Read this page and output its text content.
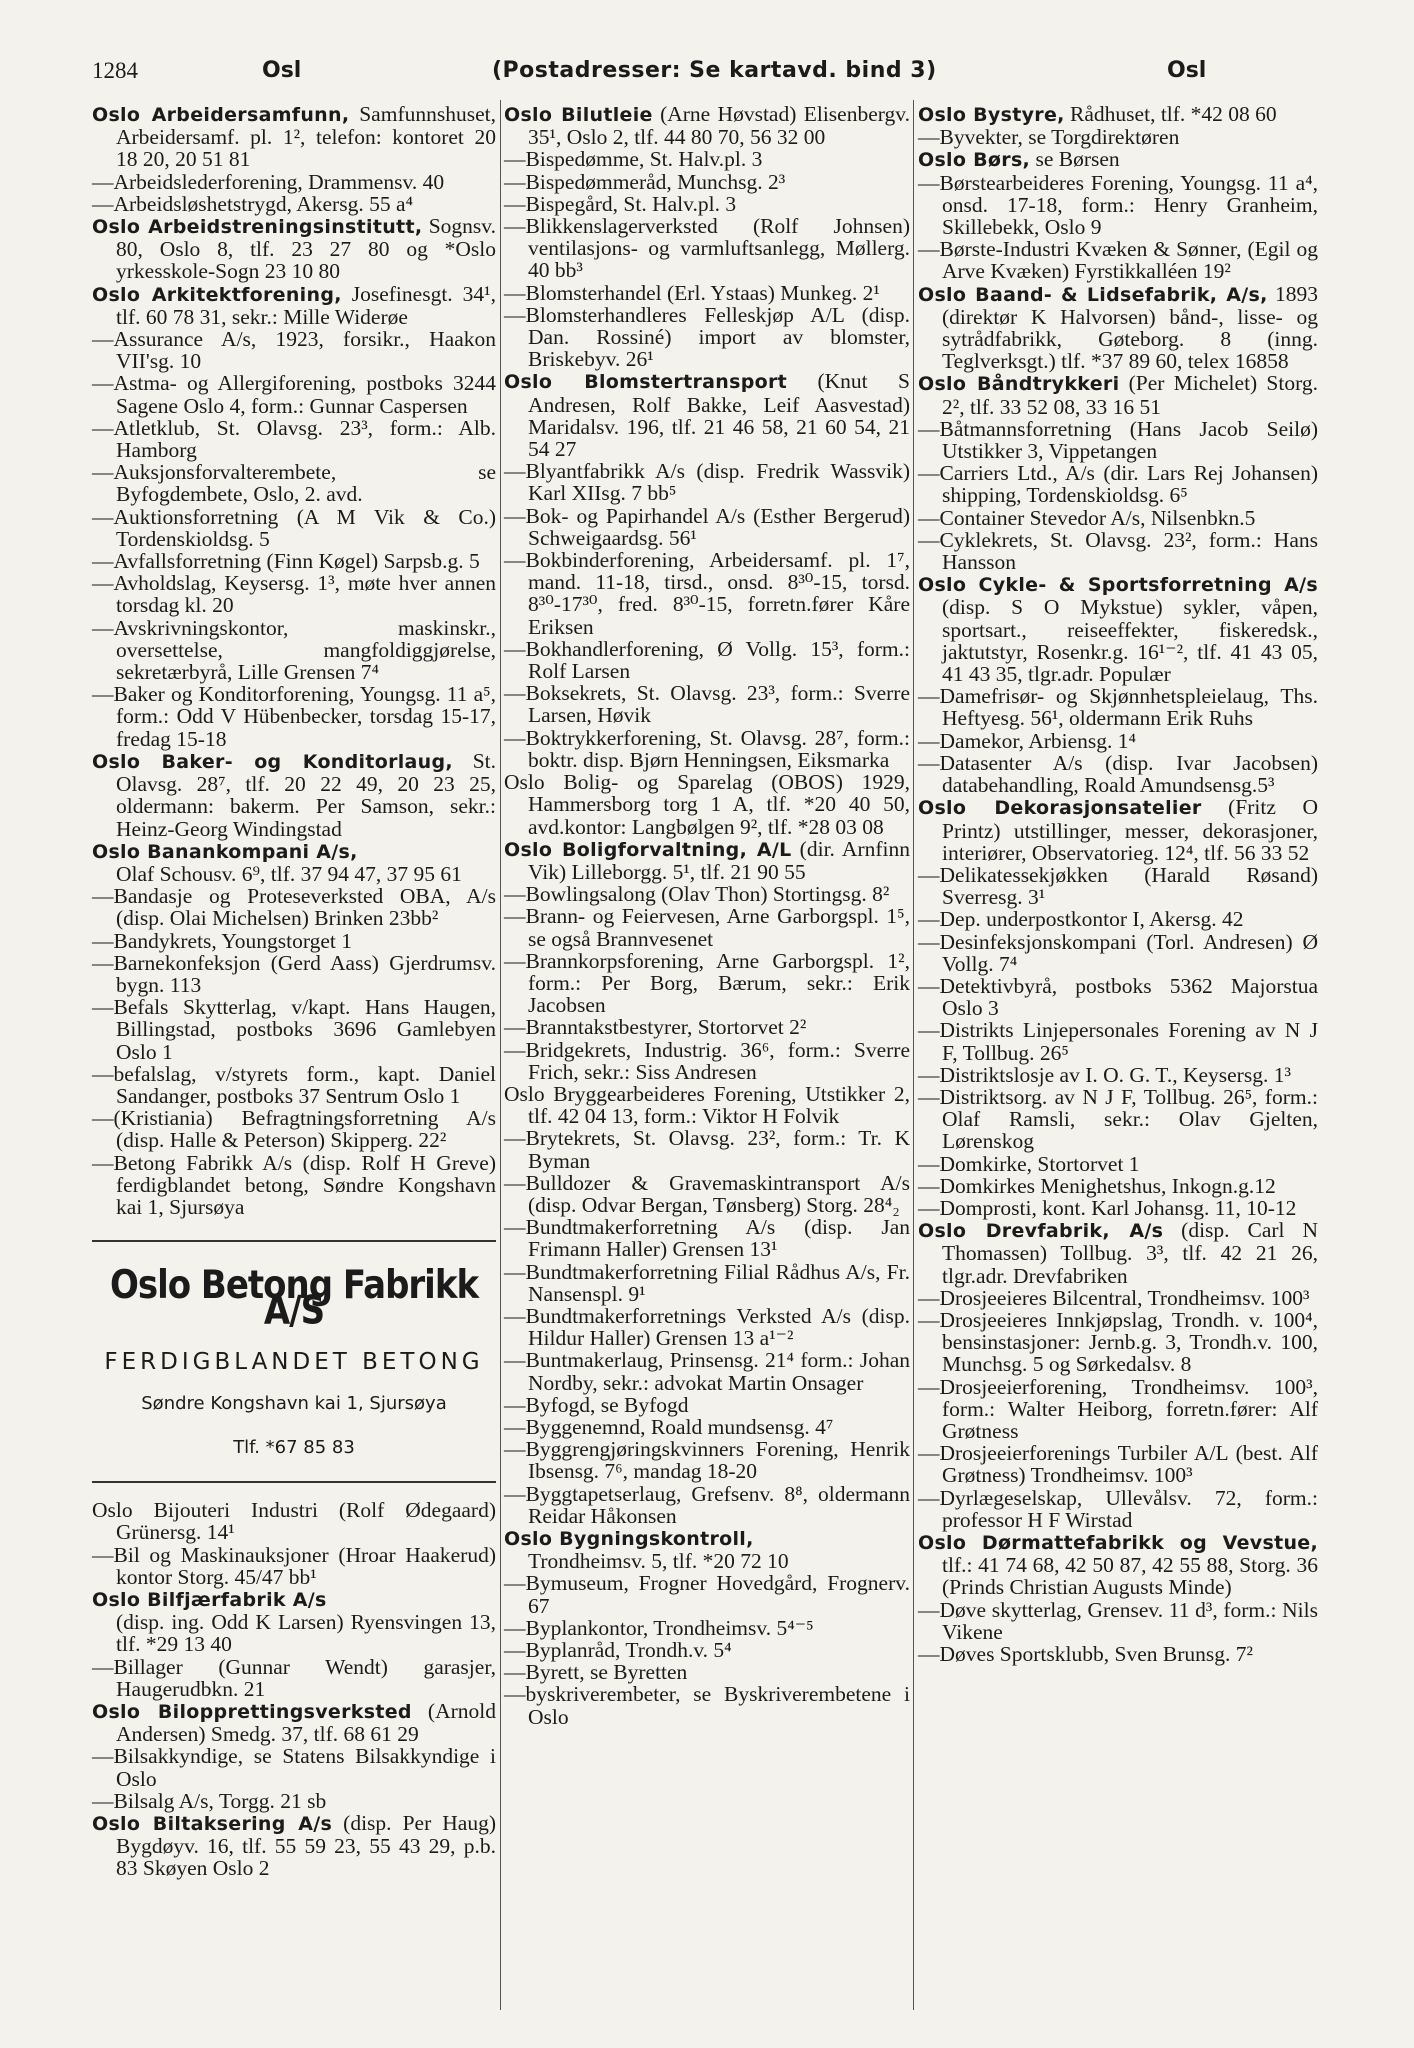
1284	Osl	(Postadresser: Se kartavd. bind 3)	Osl

Oslo Arbeidersamfunn, Samfunnshuset, Arbeidersamf. pl. 1², telefon: kontoret 20 18 20, 20 51 81

—Arbeidslederforening, Drammensv. 40

—Arbeidsløshetstrygd, Akersg. 55 a⁴

Oslo Arbeidstreningsinstitutt, Sognsv. 80, Oslo 8, tlf. 23 27 80 og *Oslo yrkesskole-Sogn 23 10 80

Oslo Arkitektforening, Josefinesgt. 34¹, tlf. 60 78 31, sekr.: Mille Widerøe

—Assurance A/s, 1923, forsikr., Haakon VII'sg. 10

—Astma- og Allergiforening, postboks 3244 Sagene Oslo 4, form.: Gunnar Caspersen

—Atletklub, St. Olavsg. 23³, form.: Alb. Hamborg

—Auksjonsforvalterembete, se Byfogdembete, Oslo, 2. avd.

—Auktionsforretning (A M Vik & Co.) Tordenskioldsg. 5

—Avfallsforretning (Finn Køgel) Sarpsb.g. 5

—Avholdslag, Keysersg. 1³, møte hver annen torsdag kl. 20

—Avskrivningskontor, maskinskr., oversettelse, mangfoldiggjørelse, sekretærbyrå, Lille Grensen 7⁴

—Baker og Konditorforening, Youngsg. 11 a⁵, form.: Odd V Hübenbecker, torsdag 15-17, fredag 15-18

Oslo Baker- og Konditorlaug, St. Olavsg. 28⁷, tlf. 20 22 49, 20 23 25, oldermann: bakerm. Per Samson, sekr.: Heinz-Georg Windingstad

Oslo Banankompani A/s,
Olaf Schousv. 6⁹, tlf. 37 94 47, 37 95 61

—Bandasje og Proteseverksted OBA, A/s (disp. Olai Michelsen) Brinken 23bb²

—Bandykrets, Youngstorget 1

—Barnekonfeksjon (Gerd Aass) Gjerdrumsv. bygn. 113

—Befals Skytterlag, v/kapt. Hans Haugen, Billingstad, postboks 3696 Gamlebyen Oslo 1

—befalslag, v/styrets form., kapt. Daniel Sandanger, postboks 37 Sentrum Oslo 1

—(Kristiania) Befragtningsforretning A/s (disp. Halle & Peterson) Skipperg. 22²

—Betong Fabrikk A/s (disp. Rolf H Greve) ferdigblandet betong, Søndre Kongshavn kai 1, Sjursøya

Oslo Betong Fabrikk A/S
FERDIGBLANDET BETONG
Søndre Kongshavn kai 1, Sjursøya
Tlf. *67 85 83

Oslo Bijouteri Industri (Rolf Ødegaard) Grünersg. 14¹

—Bil og Maskinauksjoner (Hroar Haakerud) kontor Storg. 45/47 bb¹

Oslo Bilfjærfabrik A/s
(disp. ing. Odd K Larsen) Ryensvingen 13, tlf. *29 13 40

—Billager (Gunnar Wendt) garasjer, Haugerudbkn. 21

Oslo Bilopprettingsverksted (Arnold Andersen) Smedg. 37, tlf. 68 61 29

—Bilsakkyndige, se Statens Bilsakkyndige i Oslo

—Bilsalg A/s, Torgg. 21 sb

Oslo Biltaksering A/s (disp. Per Haug) Bygdøyv. 16, tlf. 55 59 23, 55 43 29, p.b. 83 Skøyen Oslo 2

Oslo Bilutleie (Arne Høvstad) Elisenbergv. 35¹, Oslo 2, tlf. 44 80 70, 56 32 00

—Bispedømme, St. Halv.pl. 3

—Bispedømmeråd, Munchsg. 2³

—Bispegård, St. Halv.pl. 3

—Blikkenslagerverksted (Rolf Johnsen) ventilasjons- og varmluftsanlegg, Møllerg. 40 bb³

—Blomsterhandel (Erl. Ystaas) Munkeg. 2¹

—Blomsterhandleres Felleskjøp A/L (disp. Dan. Rossiné) import av blomster, Briskebyv. 26¹

Oslo Blomstertransport (Knut S Andresen, Rolf Bakke, Leif Aasvestad) Maridalsv. 196, tlf. 21 46 58, 21 60 54, 21 54 27

—Blyantfabrikk A/s (disp. Fredrik Wassvik) Karl XIIsg. 7 bb⁵

—Bok- og Papirhandel A/s (Esther Bergerud) Schweigaardsg. 56¹

—Bokbinderforening, Arbeidersamf. pl. 1⁷, mand. 11-18, tirsd., onsd. 8³⁰-15, torsd. 8³⁰-17³⁰, fred. 8³⁰-15, forretn.fører Kåre Eriksen

—Bokhandlerforening, Ø Vollg. 15³, form.: Rolf Larsen

—Boksekrets, St. Olavsg. 23³, form.: Sverre Larsen, Høvik

—Boktrykkerforening, St. Olavsg. 28⁷, form.: boktr. disp. Bjørn Henningsen, Eiksmarka

Oslo Bolig- og Sparelag (OBOS) 1929, Hammersborg torg 1 A, tlf. *20 40 50, avd.kontor: Langbølgen 9², tlf. *28 03 08

Oslo Boligforvaltning, A/L (dir. Arnfinn Vik) Lilleborgg. 5¹, tlf. 21 90 55

—Bowlingsalong (Olav Thon) Stortingsg. 8²

—Brann- og Feiervesen, Arne Garborgspl. 1⁵, se også Brannvesenet

—Brannkorpsforening, Arne Garborgspl. 1², form.: Per Borg, Bærum, sekr.: Erik Jacobsen

—Branntakstbestyrer, Stortorvet 2²

—Bridgekrets, Industrig. 36⁶, form.: Sverre Frich, sekr.: Siss Andresen

Oslo Bryggearbeideres Forening, Utstikker 2, tlf. 42 04 13, form.: Viktor H Folvik

—Brytekrets, St. Olavsg. 23², form.: Tr. K Byman

—Bulldozer & Gravemaskintransport A/s (disp. Odvar Bergan, Tønsberg) Storg. 28⁴₂

—Bundtmakerforretning A/s (disp. Jan Frimann Haller) Grensen 13¹

—Bundtmakerforretning Filial Rådhus A/s, Fr. Nansenspl. 9¹

—Bundtmakerforretnings Verksted A/s (disp. Hildur Haller) Grensen 13 a¹⁻²

—Buntmakerlaug, Prinsensg. 21⁴ form.: Johan Nordby, sekr.: advokat Martin Onsager

—Byfogd, se Byfogd

—Byggenemnd, Roald mundsensg. 4⁷

—Byggrengjøringskvinners Forening, Henrik Ibsensg. 7⁶, mandag 18-20

—Byggtapetserlaug, Grefsenv. 8⁸, oldermann Reidar Håkonsen

Oslo Bygningskontroll,
Trondheimsv. 5, tlf. *20 72 10

—Bymuseum, Frogner Hovedgård, Frognerv. 67

—Byplankontor, Trondheimsv. 5⁴⁻⁵

—Byplanråd, Trondh.v. 5⁴

—Byrett, se Byretten

—byskriverembeter, se Byskriverembetene i Oslo

Oslo Bystyre, Rådhuset, tlf. *42 08 60

—Byvekter, se Torgdirektøren

Oslo Børs, se Børsen

—Børstearbeideres Forening, Youngsg. 11 a⁴, onsd. 17-18, form.: Henry Granheim, Skillebekk, Oslo 9

—Børste-Industri Kvæken & Sønner, (Egil og Arve Kvæken) Fyrstikkalléen 19²

Oslo Baand- & Lidsefabrik, A/s, 1893 (direktør K Halvorsen) bånd-, lisse- og sytrådfabrikk, Gøteborg. 8 (inng. Teglverksgt.) tlf. *37 89 60, telex 16858

Oslo Båndtrykkeri (Per Michelet) Storg. 2², tlf. 33 52 08, 33 16 51

—Båtmannsforretning (Hans Jacob Seilø) Utstikker 3, Vippetangen

—Carriers Ltd., A/s (dir. Lars Rej Johansen) shipping, Tordenskioldsg. 6⁵

—Container Stevedor A/s, Nilsenbkn.5

—Cyklekrets, St. Olavsg. 23², form.: Hans Hansson

Oslo Cykle- & Sportsforretning A/s (disp. S O Mykstue) sykler, våpen, sportsart., reiseeffekter, fiskeredsk., jaktutstyr, Rosenkr.g. 16¹⁻², tlf. 41 43 05, 41 43 35, tlgr.adr. Populær

—Damefrisør- og Skjønnhetspleielaug, Ths. Heftyesg. 56¹, oldermann Erik Ruhs

—Damekor, Arbiensg. 1⁴

—Datasenter A/s (disp. Ivar Jacobsen) databehandling, Roald Amundsensg.5³

Oslo Dekorasjonsatelier (Fritz O Printz) utstillinger, messer, dekorasjoner, interiører, Observatorieg. 12⁴, tlf. 56 33 52

—Delikatessekjøkken (Harald Røsand) Sverresg. 3¹

—Dep. underpostkontor I, Akersg. 42

—Desinfeksjonskompani (Torl. Andresen) Ø Vollg. 7⁴

—Detektivbyrå, postboks 5362 Majorstua Oslo 3

—Distrikts Linjepersonales Forening av N J F, Tollbug. 26⁵

—Distriktslosje av I. O. G. T., Keysersg. 1³

—Distriktsorg. av N J F, Tollbug. 26⁵, form.: Olaf Ramsli, sekr.: Olav Gjelten, Lørenskog

—Domkirke, Stortorvet 1

—Domkirkes Menighetshus, Inkogn.g.12

—Domprosti, kont. Karl Johansg. 11, 10-12

Oslo Drevfabrik, A/s (disp. Carl N Thomassen) Tollbug. 3³, tlf. 42 21 26, tlgr.adr. Drevfabriken

—Drosjeeieres Bilcentral, Trondheimsv. 100³

—Drosjeeieres Innkjøpslag, Trondh. v. 100⁴, bensinstasjoner: Jernb.g. 3, Trondh.v. 100, Munchsg. 5 og Sørkedalsv. 8

—Drosjeeierforening, Trondheimsv. 100³, form.: Walter Heiborg, forretn.fører: Alf Grøtness

—Drosjeeierforenings Turbiler A/L (best. Alf Grøtness) Trondheimsv. 100³

—Dyrlægeselskap, Ullevålsv. 72, form.: professor H F Wirstad

Oslo Dørmattefabrikk og Vevstue, tlf.: 41 74 68, 42 50 87, 42 55 88, Storg. 36 (Prinds Christian Augusts Minde)

—Døve skytterlag, Grensev. 11 d³, form.: Nils Vikene

—Døves Sportsklubb, Sven Brunsg. 7²
